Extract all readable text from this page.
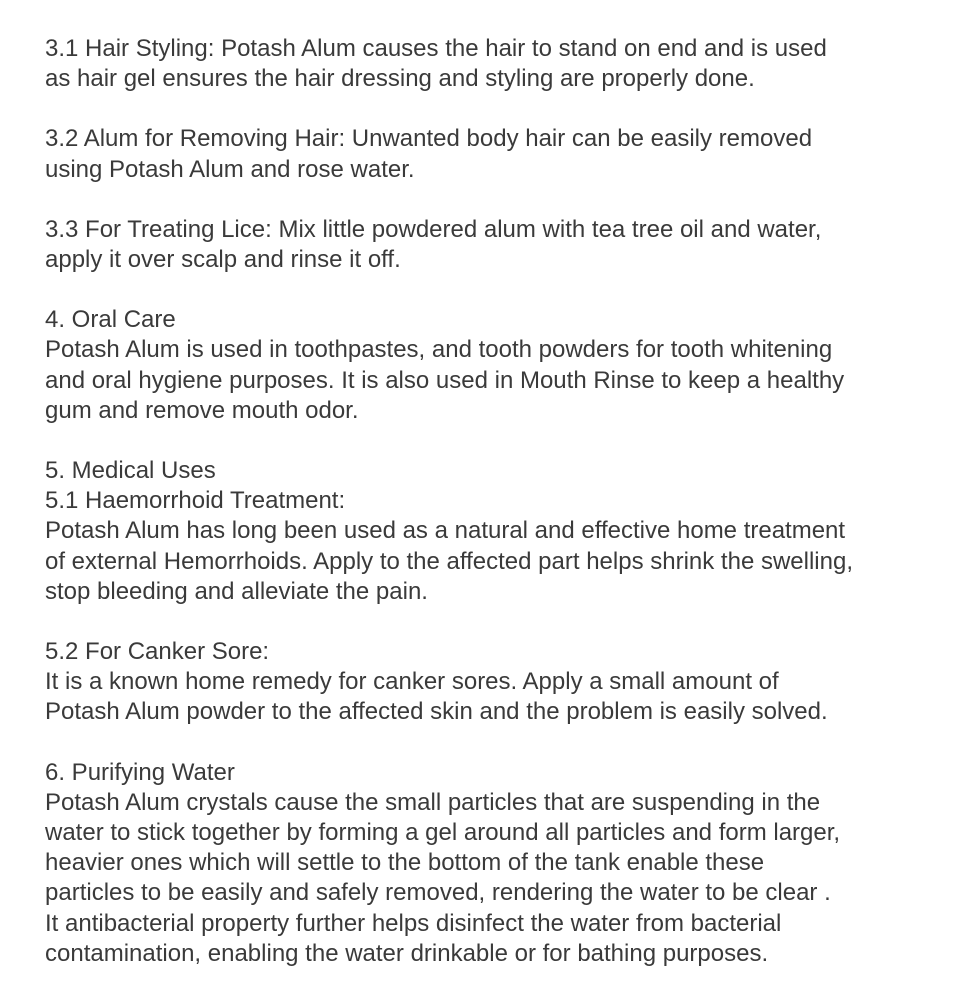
3.1 Hair Styling: Potash Alum causes the hair to stand on end and is used
as hair gel ensures the hair dressing and styling are properly done.
3.2 Alum for Removing Hair: Unwanted body hair can be easily removed
using Potash Alum and rose water.
3.3 For Treating Lice: Mix little powdered alum with tea tree oil and water,
apply it over scalp and rinse it off.
4. Oral Care
Potash Alum is used in toothpastes, and tooth powders for tooth whitening
and oral hygiene purposes. It is also used in Mouth Rinse to keep a healthy
gum and remove mouth odor.
5. Medical Uses
5.1 Haemorrhoid Treatment:
Potash Alum has long been used as a natural and effective home treatment
of external Hemorrhoids. Apply to the affected part helps shrink the swelling,
stop bleeding and alleviate the pain.
5.2 For Canker Sore:
It is a known home remedy for canker sores. Apply a small amount of
Potash Alum powder to the affected skin and the problem is easily solved.
6. Purifying Water
Potash Alum crystals cause the small particles that are suspending in the
water to stick together by forming a gel around all particles and form larger,
heavier ones which will settle to the bottom of the tank enable these
particles to be easily and safely removed, rendering the water to be clear .
It antibacterial property further helps disinfect the water from bacterial
contamination, enabling the water drinkable or for bathing purposes.
